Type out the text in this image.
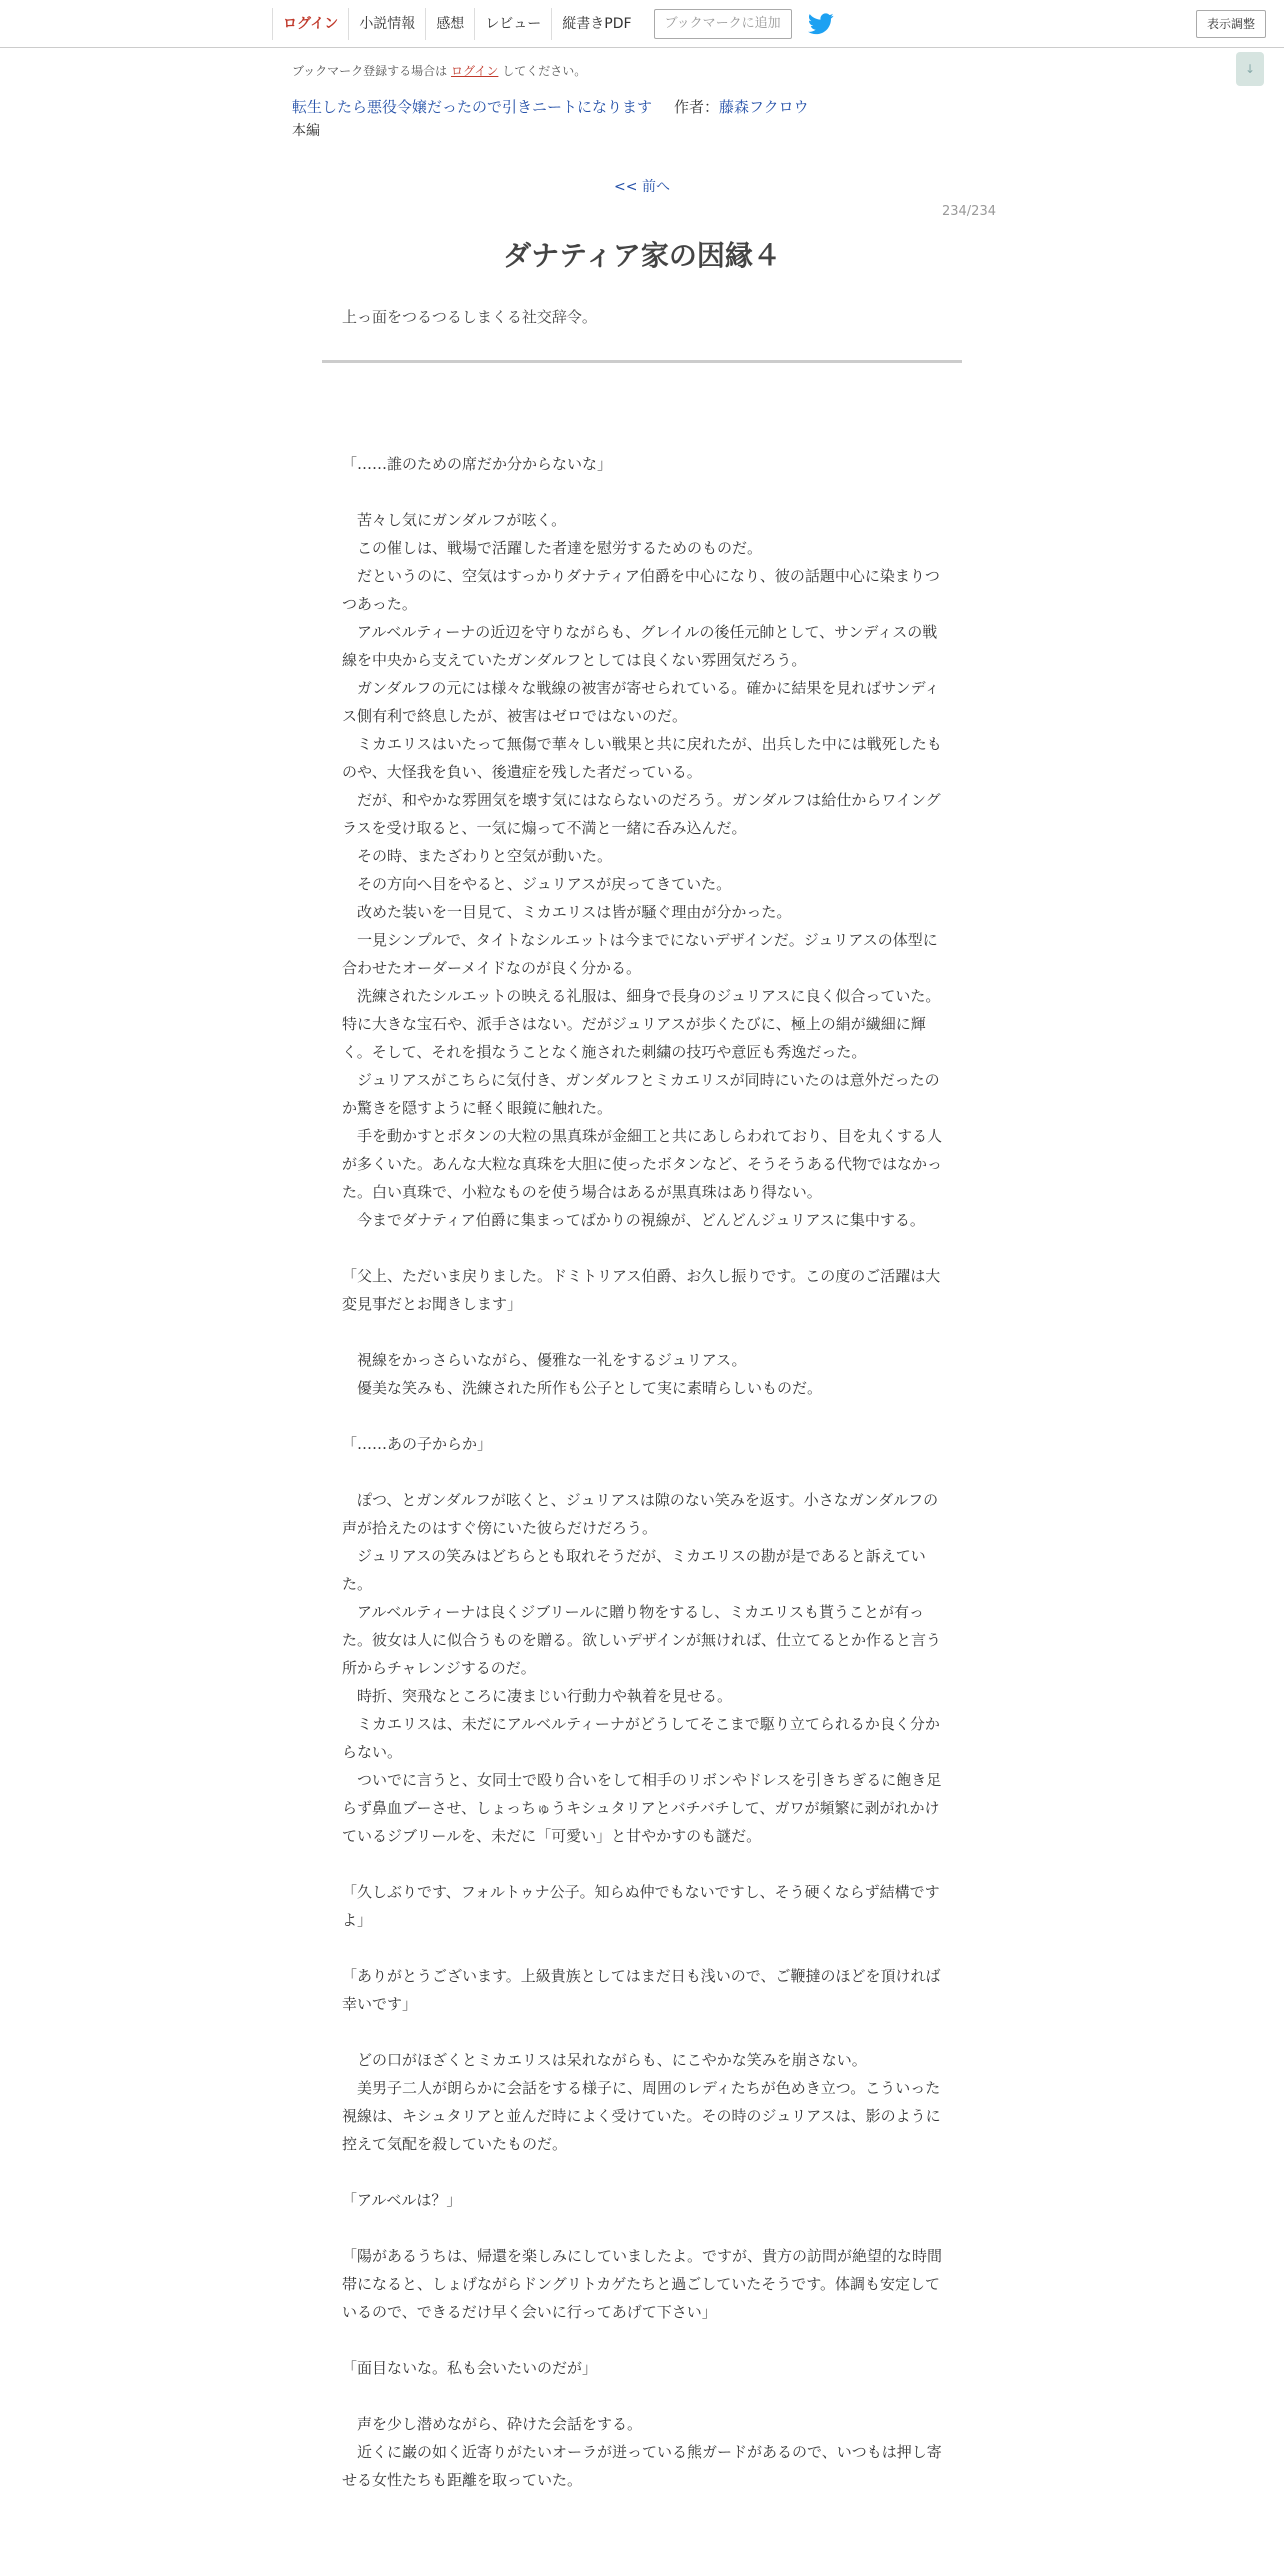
ログイン	小説情報	感想	レビュー	縦書きPDF	ブックマークに追加	表示調整
↓
ブックマーク登録する場合は ログイン してください。
転生したら悪役令嬢だったので引きニートになります 作者：藤森フクロウ
本編
<< 前へ
234/234
ダナティア家の因縁４
上っ面をつるつるしまくる社交辞令。

「……誰のための席だか分からないな」

　苦々し気にガンダルフが呟く。

　この催しは、戦場で活躍した者達を慰労するためのものだ。

　だというのに、空気はすっかりダナティア伯爵を中心になり、彼の話題中心に染まりつつあった。

　アルベルティーナの近辺を守りながらも、グレイルの後任元帥として、サンディスの戦線を中央から支えていたガンダルフとしては良くない雰囲気だろう。

　ガンダルフの元には様々な戦線の被害が寄せられている。確かに結果を見ればサンディス側有利で終息したが、被害はゼロではないのだ。

　ミカエリスはいたって無傷で華々しい戦果と共に戻れたが、出兵した中には戦死したものや、大怪我を負い、後遺症を残した者だっている。

　だが、和やかな雰囲気を壊す気にはならないのだろう。ガンダルフは給仕からワイングラスを受け取ると、一気に煽って不満と一緒に呑み込んだ。

　その時、またざわりと空気が動いた。

　その方向へ目をやると、ジュリアスが戻ってきていた。

　改めた装いを一目見て、ミカエリスは皆が騒ぐ理由が分かった。

　一見シンプルで、タイトなシルエットは今までにないデザインだ。ジュリアスの体型に合わせたオーダーメイドなのが良く分かる。

　洗練されたシルエットの映える礼服は、細身で長身のジュリアスに良く似合っていた。特に大きな宝石や、派手さはない。だがジュリアスが歩くたびに、極上の絹が繊細に輝く。そして、それを損なうことなく施された刺繍の技巧や意匠も秀逸だった。

　ジュリアスがこちらに気付き、ガンダルフとミカエリスが同時にいたのは意外だったのか驚きを隠すように軽く眼鏡に触れた。

　手を動かすとボタンの大粒の黒真珠が金細工と共にあしらわれており、目を丸くする人が多くいた。あんな大粒な真珠を大胆に使ったボタンなど、そうそうある代物ではなかった。白い真珠で、小粒なものを使う場合はあるが黒真珠はあり得ない。

　今までダナティア伯爵に集まってばかりの視線が、どんどんジュリアスに集中する。

「父上、ただいま戻りました。ドミトリアス伯爵、お久し振りです。この度のご活躍は大変見事だとお聞きします」

　視線をかっさらいながら、優雅な一礼をするジュリアス。

　優美な笑みも、洗練された所作も公子として実に素晴らしいものだ。

「……あの子からか」

　ぽつ、とガンダルフが呟くと、ジュリアスは隙のない笑みを返す。小さなガンダルフの声が拾えたのはすぐ傍にいた彼らだけだろう。

　ジュリアスの笑みはどちらとも取れそうだが、ミカエリスの勘が是であると訴えていた。

　アルベルティーナは良くジブリールに贈り物をするし、ミカエリスも貰うことが有った。彼女は人に似合うものを贈る。欲しいデザインが無ければ、仕立てるとか作ると言う所からチャレンジするのだ。

　時折、突飛なところに凄まじい行動力や執着を見せる。

　ミカエリスは、未だにアルベルティーナがどうしてそこまで駆り立てられるか良く分からない。

　ついでに言うと、女同士で殴り合いをして相手のリボンやドレスを引きちぎるに飽き足らず鼻血ブーさせ、しょっちゅうキシュタリアとバチバチして、ガワが頻繁に剥がれかけているジブリールを、未だに「可愛い」と甘やかすのも謎だ。

「久しぶりです、フォルトゥナ公子。知らぬ仲でもないですし、そう硬くならず結構ですよ」

「ありがとうございます。上級貴族としてはまだ日も浅いので、ご鞭撻のほどを頂ければ幸いです」

　どの口がほざくとミカエリスは呆れながらも、にこやかな笑みを崩さない。

　美男子二人が朗らかに会話をする様子に、周囲のレディたちが色めき立つ。こういった視線は、キシュタリアと並んだ時によく受けていた。その時のジュリアスは、影のように控えて気配を殺していたものだ。

「アルベルは？」

「陽があるうちは、帰還を楽しみにしていましたよ。ですが、貴方の訪問が絶望的な時間帯になると、しょげながらドングリトカゲたちと過ごしていたそうです。体調も安定しているので、できるだけ早く会いに行ってあげて下さい」

「面目ないな。私も会いたいのだが」

　声を少し潜めながら、砕けた会話をする。

　近くに巌の如く近寄りがたいオーラが迸っている熊ガードがあるので、いつもは押し寄せる女性たちも距離を取っていた。
